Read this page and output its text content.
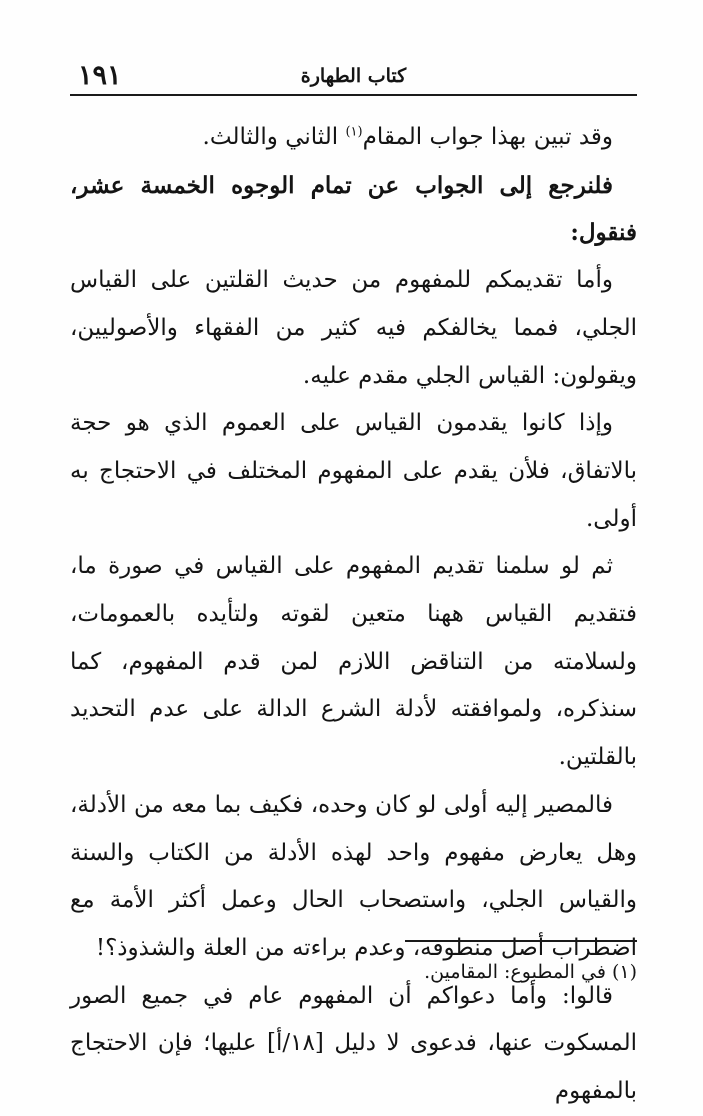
١٩١	كتاب الطهارة

وقد تبين بهذا جواب المقام$^{(١)}$ الثاني والثالث.

فلنرجع إلى الجواب عن تمام الوجوه الخمسة عشر، فنقول:

وأما تقديمكم للمفهوم من حديث القلتين على القياس الجلي، فمما يخالفكم فيه كثير من الفقهاء والأصوليين، ويقولون: القياس الجلي مقدم عليه.

وإذا كانوا يقدمون القياس على العموم الذي هو حجة بالاتفاق، فلأن يقدم على المفهوم المختلف في الاحتجاج به أولى.

ثم لو سلمنا تقديم المفهوم على القياس في صورة ما، فتقديم القياس ههنا متعين لقوته ولتأيده بالعمومات، ولسلامته من التناقض اللازم لمن قدم المفهوم، كما سنذكره، ولموافقته لأدلة الشرع الدالة على عدم التحديد بالقلتين.

فالمصير إليه أولى لو كان وحده، فكيف بما معه من الأدلة، وهل يعارض مفهوم واحد لهذه الأدلة من الكتاب والسنة والقياس الجلي، واستصحاب الحال وعمل أكثر الأمة مع اضطراب أصل منطوقه، وعدم براءته من العلة والشذوذ؟!

قالوا: وأما دعواكم أن المفهوم عام في جميع الصور المسكوت عنها، فدعوى لا دليل [١٨/أ] عليها؛ فإن الاحتجاج بالمفهوم

(١) في المطبوع: المقامين.
